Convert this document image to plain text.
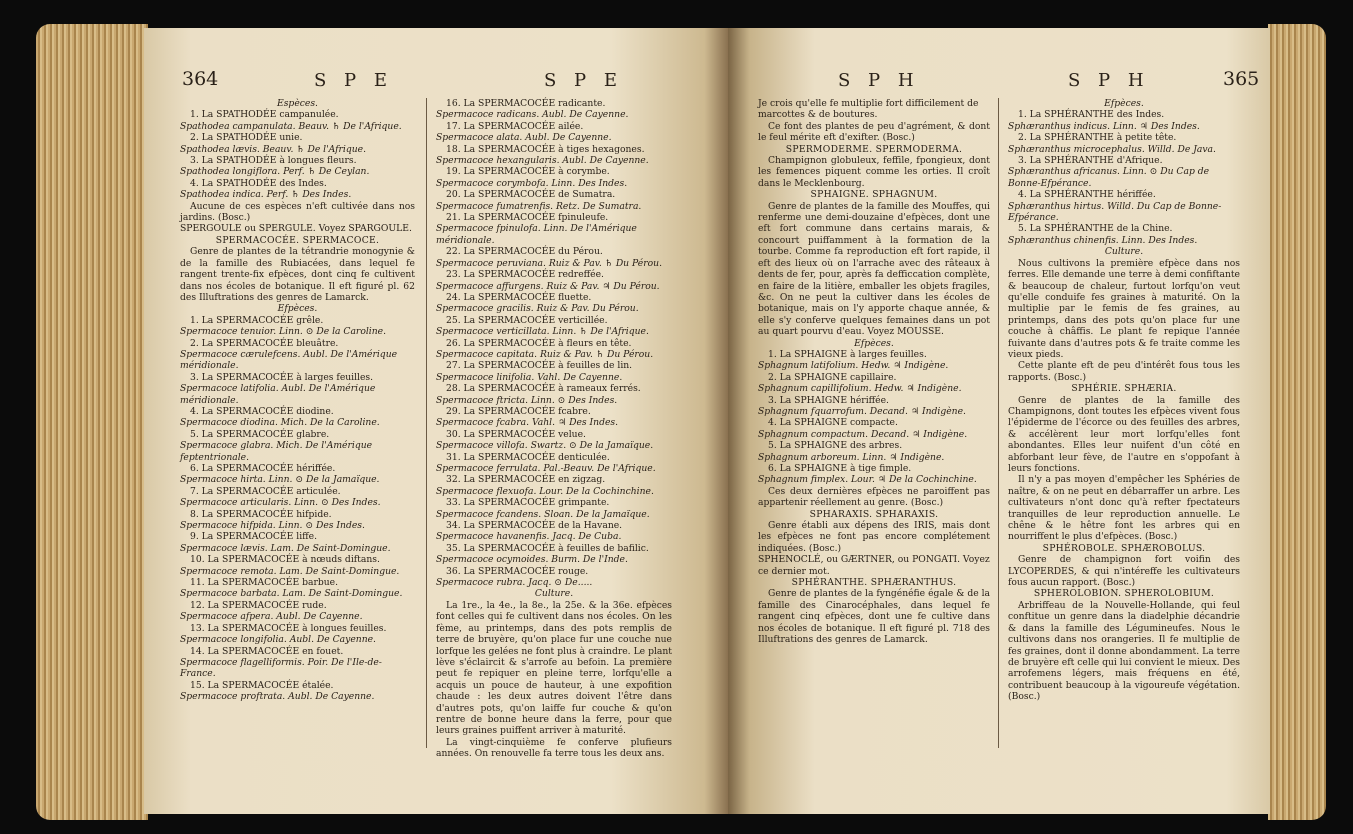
364	S P E	S P E

Espèces.

1. La SPATHODÉE campanulée.

Spathodea campanulata. Beauv. ♄ De l'Afrique.

2. La SPATHODÉE unie.

Spathodea lævis. Beauv. ♄ De l'Afrique.

3. La SPATHODÉE à longues fleurs.

Spathodea longiflora. Perf. ♄ De Ceylan.

4. La SPATHODÉE des Indes.

Spathodea indica. Perf. ♄ Des Indes.

Aucune de ces espèces n'eft cultivée dans nos jardins. (Bosc.)

SPERGOULE ou SPERGULE. Voyez SPARGOULE.

SPERMACOCÉE. SPERMACOCE.

Genre de plantes de la tétrandrie monogynie & de la famille des Rubiacées, dans lequel fe rangent trente-fix efpèces, dont cinq fe cultivent dans nos écoles de botanique. Il eft figuré pl. 62 des Illuftrations des genres de Lamarck.

Efpèces.

1. La SPERMACOCÉE grêle.

Spermacoce tenuior. Linn. ⊙ De la Caroline.

2. La SPERMACOCÉE bleuâtre.

Spermacoce cærulefcens. Aubl. De l'Amérique méridionale.

3. La SPERMACOCÉE à larges feuilles.

Spermacoce latifolia. Aubl. De l'Amérique méridionale.

4. La SPERMACOCÉE diodine.

Spermacoce diodina. Mich. De la Caroline.

5. La SPERMACOCÉE glabre.

Spermacoce glabra. Mich. De l'Amérique feptentrionale.

6. La SPERMACOCÉE hériffée.

Spermacoce hirta. Linn. ⊙ De la Jamaïque.

7. La SPERMACOCÉE articulée.

Spermacoce articularis. Linn. ⊙ Des Indes.

8. La SPERMACOCÉE hifpide.

Spermacoce hifpida. Linn. ⊙ Des Indes.

9. La SPERMACOCÉE liffe.

Spermacoce lævis. Lam. De Saint-Domingue.

10. La SPERMACOCÉE à nœuds diftans.

Spermacoce remota. Lam. De Saint-Domingue.

11. La SPERMACOCÉE barbue.

Spermacoce barbata. Lam. De Saint-Domingue.

12. La SPERMACOCÉE rude.

Spermacoce afpera. Aubl. De Cayenne.

13. La SPERMACOCÉE à longues feuilles.

Spermacoce longifolia. Aubl. De Cayenne.

14. La SPERMACOCÉE en fouet.

Spermacoce flagelliformis. Poir. De l'Ile-de-France.

15. La SPERMACOCÉE étalée.

Spermacoce proftrata. Aubl. De Cayenne.

16. La SPERMACOCÉE radicante.

Spermacoce radicans. Aubl. De Cayenne.

17. La SPERMACOCÉE ailée.

Spermacoce alata. Aubl. De Cayenne.

18. La SPERMACOCÉE à tiges hexagones.

Spermacoce hexangularis. Aubl. De Cayenne.

19. La SPERMACOCÉE à corymbe.

Spermacoce corymbofa. Linn. Des Indes.

20. La SPERMACOCÉE de Sumatra.

Spermacoce fumatrenfis. Retz. De Sumatra.

21. La SPERMACOCÉE fpinuleufe.

Spermacoce fpinulofa. Linn. De l'Amérique méridionale.

22. La SPERMACOCÉE du Pérou.

Spermacoce peruviana. Ruiz & Pav. ♄ Du Pérou.

23. La SPERMACOCÉE redreffée.

Spermacoce affurgens. Ruiz & Pav. ♃ Du Pérou.

24. La SPERMACOCÉE fluette.

Spermacoce gracilis. Ruiz & Pav. Du Pérou.

25. La SPERMACOCÉE verticillée.

Spermacoce verticillata. Linn. ♄ De l'Afrique.

26. La SPERMACOCÉE à fleurs en tête.

Spermacoce capitata. Ruiz & Pav. ♄ Du Pérou.

27. La SPERMACOCÉE à feuilles de lin.

Spermacoce linifolia. Vahl. De Cayenne.

28. La SPERMACOCÉE à rameaux ferrés.

Spermacoce ftricta. Linn. ⊙ Des Indes.

29. La SPERMACOCÉE fcabre.

Spermacoce fcabra. Vahl. ♃ Des Indes.

30. La SPERMACOCÉE velue.

Spermacoce villofa. Swartz. ⊙ De la Jamaïque.

31. La SPERMACOCÉE denticulée.

Spermacoce ferrulata. Pal.-Beauv. De l'Afrique.

32. La SPERMACOCÉE en zigzag.

Spermacoce flexuofa. Lour. De la Cochinchine.

33. La SPERMACOCÉE grimpante.

Spermacoce fcandens. Sloan. De la Jamaïque.

34. La SPERMACOCÉE de la Havane.

Spermacoce havanenfis. Jacq. De Cuba.

35. La SPERMACOCÉE à feuilles de bafilic.

Spermacoce ocymoides. Burm. De l'Inde.

36. La SPERMACOCÉE rouge.

Spermacoce rubra. Jacq. ⊙ De.....

Culture.

La 1re., la 4e., la 8e., la 25e. & la 36e. efpèces font celles qui fe cultivent dans nos écoles. On les fème, au printemps, dans des pots remplis de terre de bruyère, qu'on place fur une couche nue lorfque les gelées ne font plus à craindre. Le plant lève s'éclaircit & s'arrofe au befoin. La première peut fe repiquer en pleine terre, lorfqu'elle a acquis un pouce de hauteur, à une expofition chaude : les deux autres doivent l'être dans d'autres pots, qu'on laiffe fur couche & qu'on rentre de bonne heure dans la ferre, pour que leurs graines puiffent arriver à maturité.

La vingt-cinquième fe conferve plufieurs années. On renouvelle fa terre tous les deux ans.

S P H	S P H	365

Je crois qu'elle fe multiplie fort difficilement de marcottes & de boutures.

Ce font des plantes de peu d'agrément, & dont le feul mérite eft d'exifter. (Bosc.)

SPERMODERME. SPERMODERMA.

Champignon globuleux, feffile, fpongieux, dont les femences piquent comme les orties. Il croît dans le Mecklenbourg.

SPHAIGNE. SPHAGNUM.

Genre de plantes de la famille des Mouffes, qui renferme une demi-douzaine d'efpèces, dont une eft fort commune dans certains marais, & concourt puiffamment à la formation de la tourbe. Comme fa reproduction eft fort rapide, il eft des lieux où on l'arrache avec des râteaux à dents de fer, pour, après fa defficcation complète, en faire de la litière, emballer les objets fragiles, &c. On ne peut la cultiver dans les écoles de botanique, mais on l'y apporte chaque année, & elle s'y conferve quelques femaines dans un pot au quart pourvu d'eau. Voyez MOUSSE.

Efpèces.

1. La SPHAIGNE à larges feuilles.

Sphagnum latifolium. Hedw. ♃ Indigène.

2. La SPHAIGNE capillaire.

Sphagnum capillifolium. Hedw. ♃ Indigène.

3. La SPHAIGNE hériffée.

Sphagnum fquarrofum. Decand. ♃ Indigène.

4. La SPHAIGNE compacte.

Sphagnum compactum. Decand. ♃ Indigène.

5. La SPHAIGNE des arbres.

Sphagnum arboreum. Linn. ♃ Indigène.

6. La SPHAIGNE à tige fimple.

Sphagnum fimplex. Lour. ♃ De la Cochinchine.

Ces deux dernières efpèces ne paroiffent pas appartenir réellement au genre. (Bosc.)

SPHARAXIS. SPHARAXIS.

Genre établi aux dépens des IRIS, mais dont les efpèces ne font pas encore complétement indiquées. (Bosc.)

SPHENOCLÉ, ou GÆRTNER, ou PONGATI. Voyez ce dernier mot.

SPHÉRANTHE. SPHÆRANTHUS.

Genre de plantes de la fyngénéfie égale & de la famille des Cinarocéphales, dans lequel fe rangent cinq efpèces, dont une fe cultive dans nos écoles de botanique. Il eft figuré pl. 718 des Illuftrations des genres de Lamarck.

Efpèces.

1. La SPHÉRANTHE des Indes.

Sphæranthus indicus. Linn. ♃ Des Indes.

2. La SPHÉRANTHE à petite tête.

Sphæranthus microcephalus. Willd. De Java.

3. La SPHÉRANTHE d'Afrique.

Sphæranthus africanus. Linn. ⊙ Du Cap de Bonne-Efpérance.

4. La SPHÉRANTHE hériffée.

Sphæranthus hirtus. Willd. Du Cap de Bonne-Efpérance.

5. La SPHÉRANTHE de la Chine.

Sphæranthus chinenfis. Linn. Des Indes.

Culture.

Nous cultivons la première efpèce dans nos ferres. Elle demande une terre à demi confiftante & beaucoup de chaleur, furtout lorfqu'on veut qu'elle conduife fes graines à maturité. On la multiplie par le femis de fes graines, au printemps, dans des pots qu'on place fur une couche à châffis. Le plant fe repique l'année fuivante dans d'autres pots & fe traite comme les vieux pieds.

Cette plante eft de peu d'intérêt fous tous les rapports. (Bosc.)

SPHÉRIE. SPHÆRIA.

Genre de plantes de la famille des Champignons, dont toutes les efpèces vivent fous l'épiderme de l'écorce ou des feuilles des arbres, & accélèrent leur mort lorfqu'elles font abondantes. Elles leur nuifent d'un côté en abforbant leur fève, de l'autre en s'oppofant à leurs fonctions.

Il n'y a pas moyen d'empêcher les Sphéries de naître, & on ne peut en débarraffer un arbre. Les cultivateurs n'ont donc qu'à refter fpectateurs tranquilles de leur reproduction annuelle. Le chêne & le hêtre font les arbres qui en nourriffent le plus d'efpèces. (Bosc.)

SPHÉROBOLE. SPHÆROBOLUS.

Genre de champignon fort voifin des LYCOPERDES, & qui n'intéreffe les cultivateurs fous aucun rapport. (Bosc.)

SPHEROLOBION. SPHEROLOBIUM.

Arbriffeau de la Nouvelle-Hollande, qui feul conftitue un genre dans la diadelphie décandrie & dans la famille des Légumineufes. Nous le cultivons dans nos orangeries. Il fe multiplie de fes graines, dont il donne abondamment. La terre de bruyère eft celle qui lui convient le mieux. Des arrofemens légers, mais fréquens en été, contribuent beaucoup à la vigoureufe végétation. (Bosc.)
